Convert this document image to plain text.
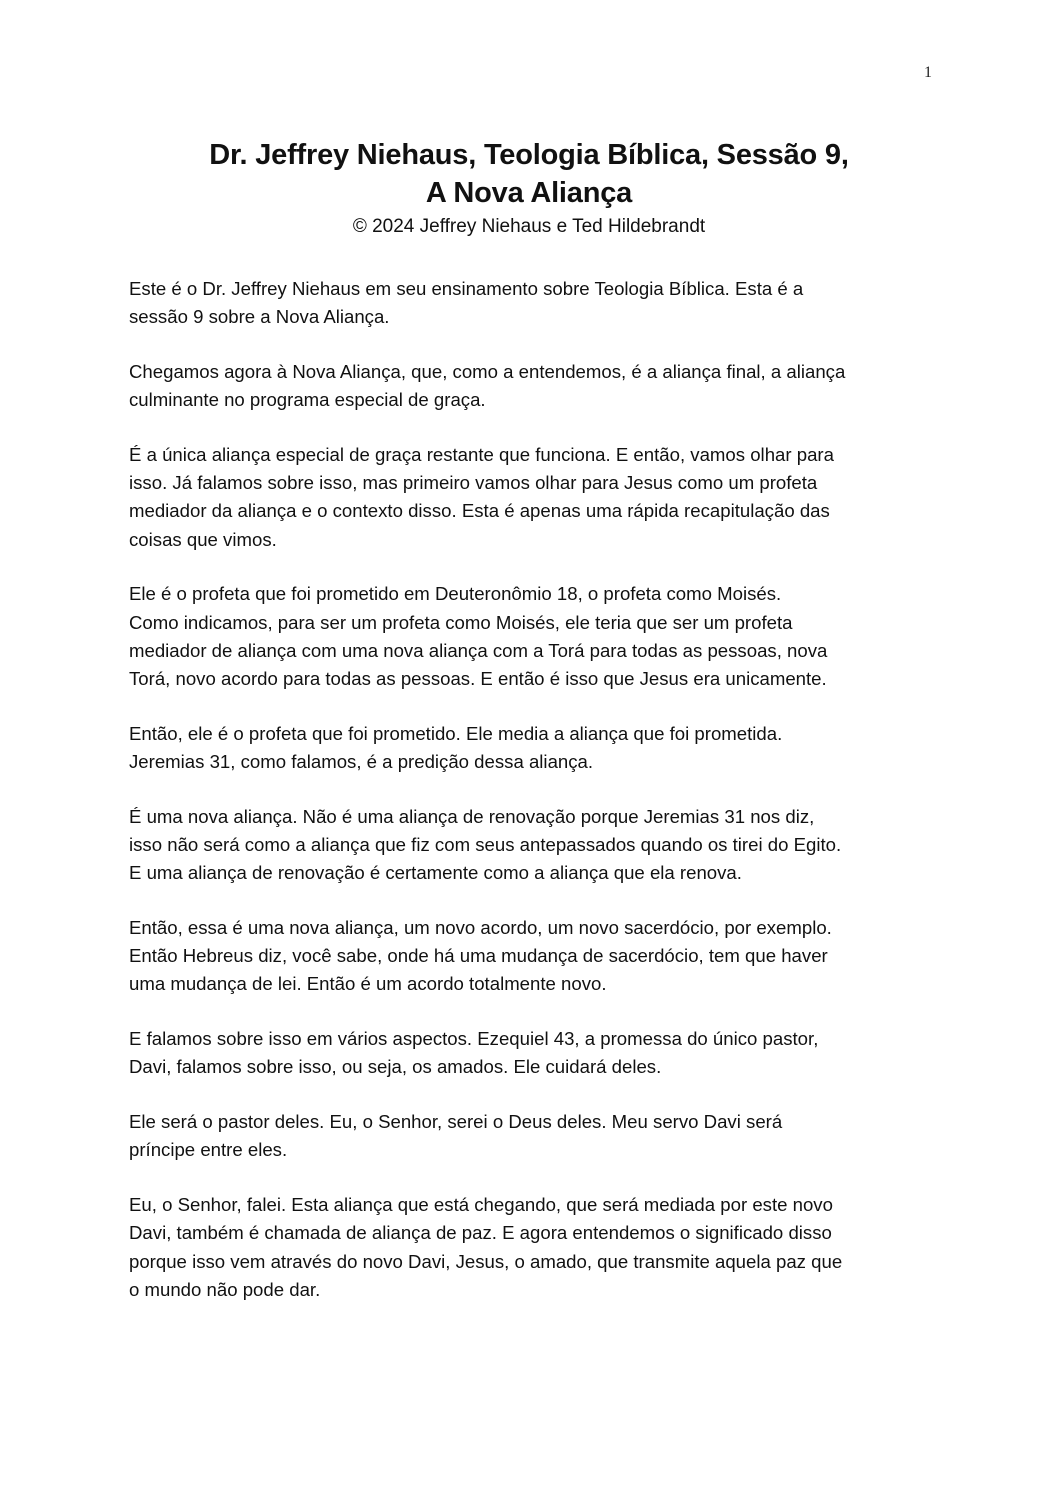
1
Dr. Jeffrey Niehaus, Teologia Bíblica, Sessão 9,
A Nova Aliança
© 2024 Jeffrey Niehaus e Ted Hildebrandt

Este é o Dr. Jeffrey Niehaus em seu ensinamento sobre Teologia Bíblica. Esta é a
sessão 9 sobre a Nova Aliança.

Chegamos agora à Nova Aliança, que, como a entendemos, é a aliança final, a aliança
culminante no programa especial de graça.

É a única aliança especial de graça restante que funciona. E então, vamos olhar para
isso. Já falamos sobre isso, mas primeiro vamos olhar para Jesus como um profeta
mediador da aliança e o contexto disso. Esta é apenas uma rápida recapitulação das
coisas que vimos.

Ele é o profeta que foi prometido em Deuteronômio 18, o profeta como Moisés.
Como indicamos, para ser um profeta como Moisés, ele teria que ser um profeta
mediador de aliança com uma nova aliança com a Torá para todas as pessoas, nova
Torá, novo acordo para todas as pessoas. E então é isso que Jesus era unicamente.

Então, ele é o profeta que foi prometido. Ele media a aliança que foi prometida.
Jeremias 31, como falamos, é a predição dessa aliança.

É uma nova aliança. Não é uma aliança de renovação porque Jeremias 31 nos diz,
isso não será como a aliança que fiz com seus antepassados quando os tirei do Egito.
E uma aliança de renovação é certamente como a aliança que ela renova.

Então, essa é uma nova aliança, um novo acordo, um novo sacerdócio, por exemplo.
Então Hebreus diz, você sabe, onde há uma mudança de sacerdócio, tem que haver
uma mudança de lei. Então é um acordo totalmente novo.

E falamos sobre isso em vários aspectos. Ezequiel 43, a promessa do único pastor,
Davi, falamos sobre isso, ou seja, os amados. Ele cuidará deles.

Ele será o pastor deles. Eu, o Senhor, serei o Deus deles. Meu servo Davi será
príncipe entre eles.

Eu, o Senhor, falei. Esta aliança que está chegando, que será mediada por este novo
Davi, também é chamada de aliança de paz. E agora entendemos o significado disso
porque isso vem através do novo Davi, Jesus, o amado, que transmite aquela paz que
o mundo não pode dar.
